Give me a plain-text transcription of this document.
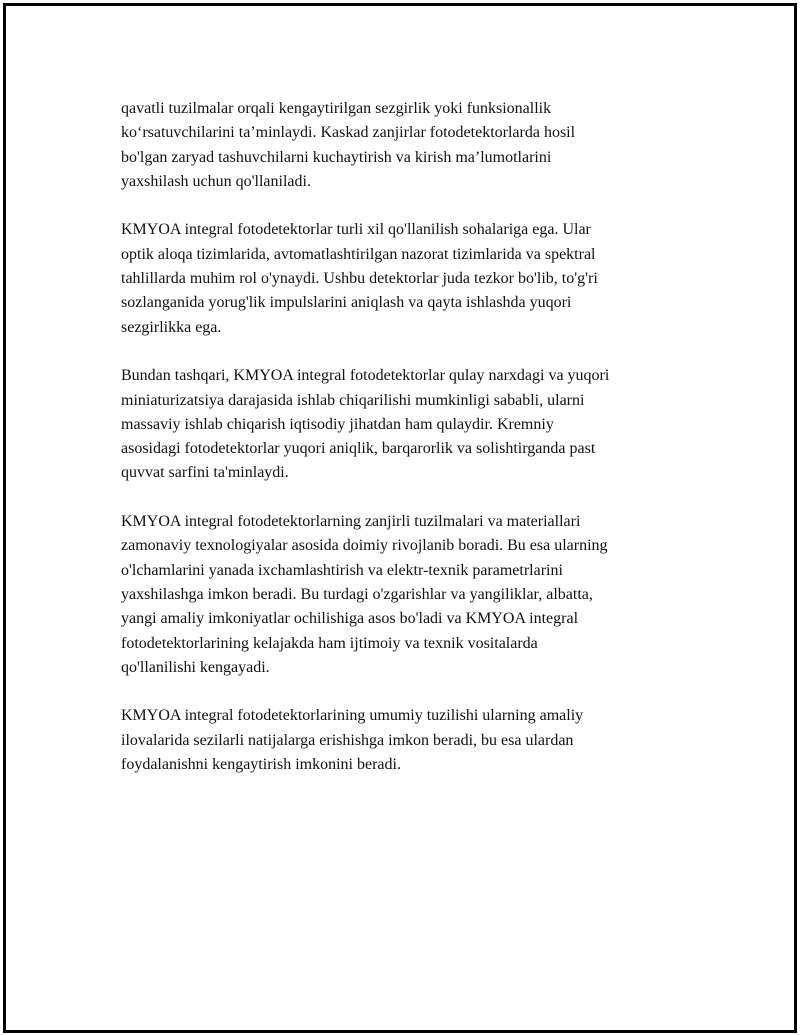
qavatli tuzilmalar orqali kengaytirilgan sezgirlik yoki funksionallik
ko‘rsatuvchilarini ta’minlaydi. Kaskad zanjirlar fotodetektorlarda hosil
bo'lgan zaryad tashuvchilarni kuchaytirish va kirish ma’lumotlarini
yaxshilash uchun qo'llaniladi.

KMYOA integral fotodetektorlar turli xil qo'llanilish sohalariga ega. Ular
optik aloqa tizimlarida, avtomatlashtirilgan nazorat tizimlarida va spektral
tahlillarda muhim rol o'ynaydi. Ushbu detektorlar juda tezkor bo'lib, to'g'ri
sozlanganida yorug'lik impulslarini aniqlash va qayta ishlashda yuqori
sezgirlikka ega.

Bundan tashqari, KMYOA integral fotodetektorlar qulay narxdagi va yuqori
miniaturizatsiya darajasida ishlab chiqarilishi mumkinligi sababli, ularni
massaviy ishlab chiqarish iqtisodiy jihatdan ham qulaydir. Kremniy
asosidagi fotodetektorlar yuqori aniqlik, barqarorlik va solishtirganda past
quvvat sarfini ta'minlaydi.

KMYOA integral fotodetektorlarning zanjirli tuzilmalari va materiallari
zamonaviy texnologiyalar asosida doimiy rivojlanib boradi. Bu esa ularning
o'lchamlarini yanada ixchamlashtirish va elektr-texnik parametrlarini
yaxshilashga imkon beradi. Bu turdagi o'zgarishlar va yangiliklar, albatta,
yangi amaliy imkoniyatlar ochilishiga asos bo'ladi va KMYOA integral
fotodetektorlarining kelajakda ham ijtimoiy va texnik vositalarda
qo'llanilishi kengayadi.

KMYOA integral fotodetektorlarining umumiy tuzilishi ularning amaliy
ilovalarida sezilarli natijalarga erishishga imkon beradi, bu esa ulardan
foydalanishni kengaytirish imkonini beradi.
